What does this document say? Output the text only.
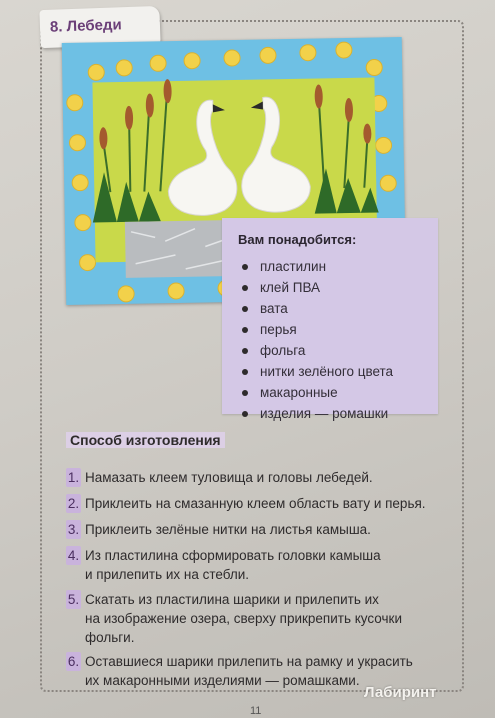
8. Лебеди
Вам понадобится:
пластилин
клей ПВА
вата
перья
фольга
нитки зелёного цвета
макаронные
изделия — ромашки
Способ изготовления
1. Намазать клеем туловища и головы лебедей.
2. Приклеить на смазанную клеем область вату и перья.
3. Приклеить зелёные нитки на листья камыша.
4. Из пластилина сформировать головки камыша
и прилепить их на стебли.
5. Скатать из пластилина шарики и прилепить их
на изображение озера, сверху прикрепить кусочки
фольги.
6. Оставшиеся шарики прилепить на рамку и украсить
их макаронными изделиями — ромашками.
11
Лабиринт
